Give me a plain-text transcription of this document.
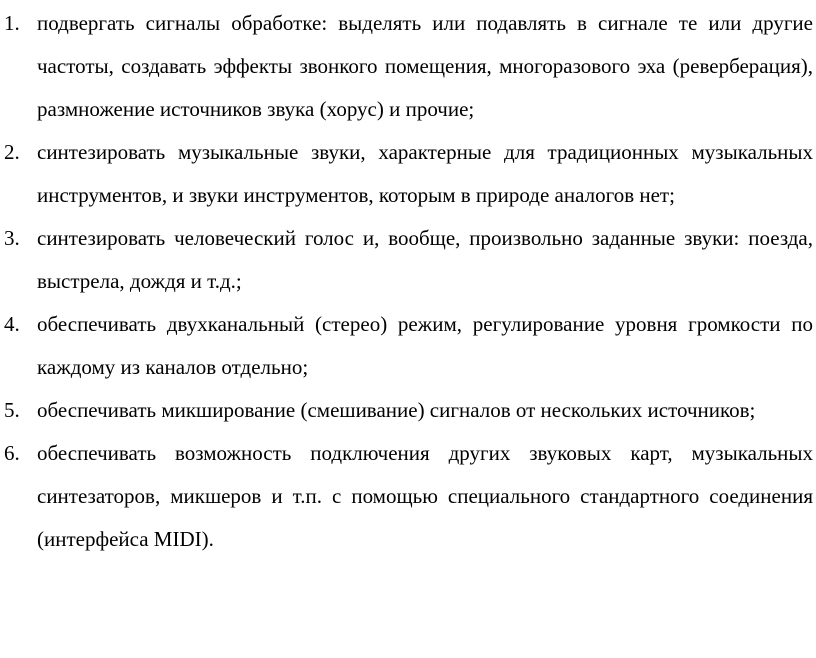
1. подвергать сигналы обработке: выделять или подавлять в сигнале те или другие частоты, создавать эффекты звонкого помещения, многоразового эха (реверберация), размножение источников звука (хорус) и прочие;
2. синтезировать музыкальные звуки, характерные для традиционных музыкальных инструментов, и звуки инструментов, которым в природе аналогов нет;
3. синтезировать человеческий голос и, вообще, произвольно заданные звуки: поезда, выстрела, дождя и т.д.;
4. обеспечивать двухканальный (стерео) режим, регулирование уровня громкости по каждому из каналов отдельно;
5. обеспечивать микширование (смешивание) сигналов от нескольких источников;
6. обеспечивать возможность подключения других звуковых карт, музыкальных синтезаторов, микшеров и т.п. с помощью специального стандартного соединения (интерфейса MIDI).
